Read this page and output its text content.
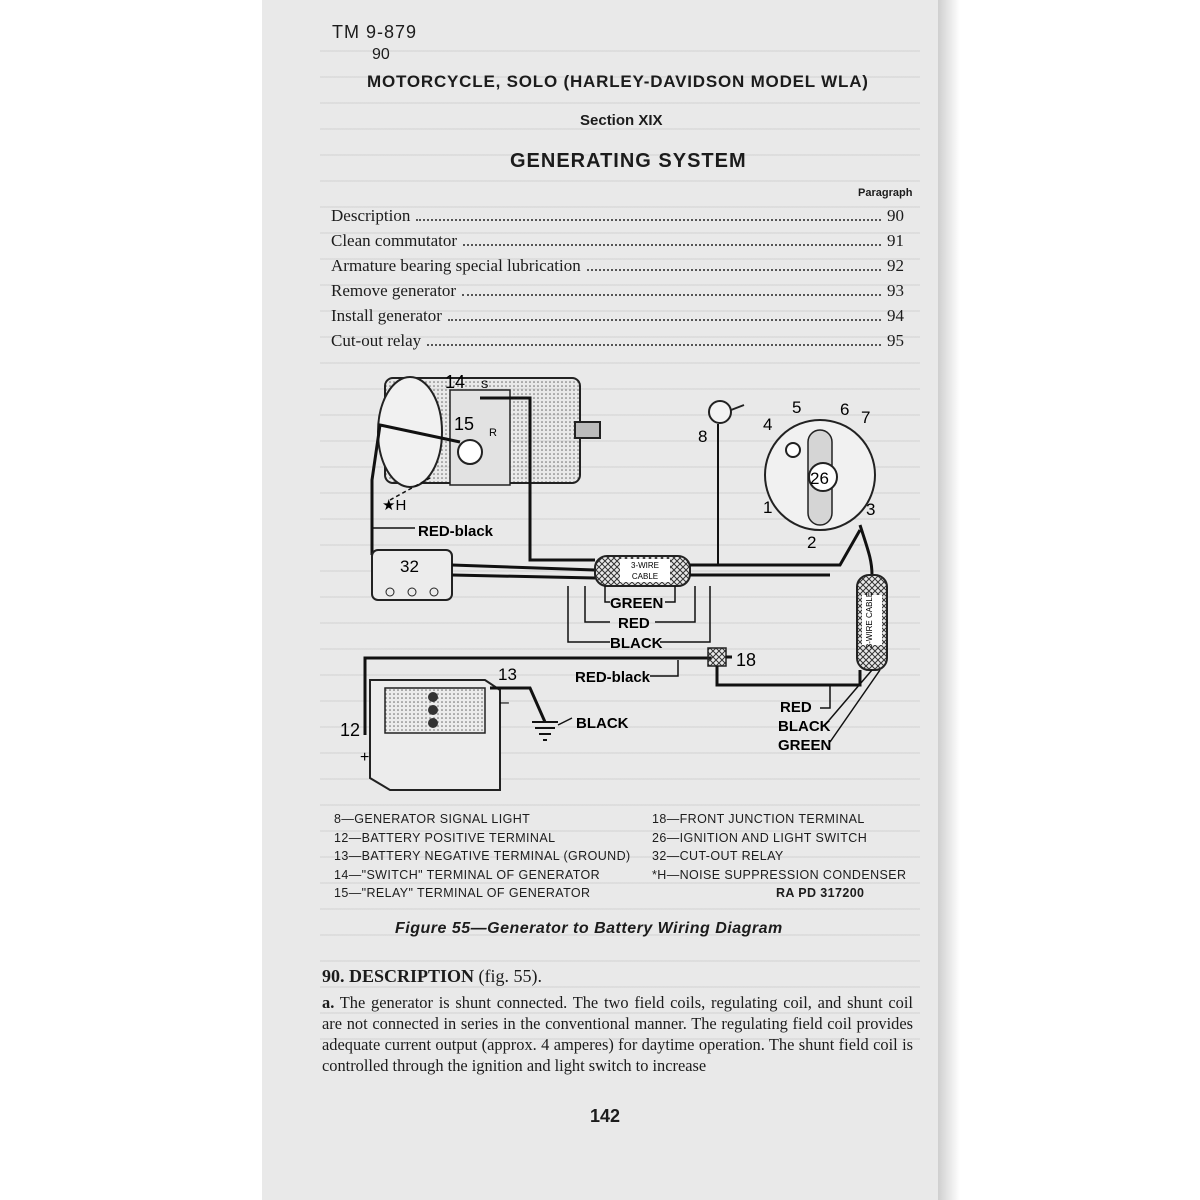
TM 9-879
90
MOTORCYCLE, SOLO (HARLEY-DAVIDSON MODEL WLA)
Section XIX
GENERATING SYSTEM
Paragraph
Description	90
Clean commutator	91
Armature bearing special lubrication	92
Remove generator	93
Install generator	94
Cut-out relay	95
14 S
15 R
★H
RED-black
32	3-WIRE
CABLE
8
26
4
5 6 7
1
2
3
3-WIRE CABLE
GREEN
RED
BLACK
18
RED-black
13
–
12
+
BLACK
RED
BLACK
GREEN
8—GENERATOR SIGNAL LIGHT
12—BATTERY POSITIVE TERMINAL
13—BATTERY NEGATIVE TERMINAL (GROUND)
14—"SWITCH" TERMINAL OF GENERATOR
15—"RELAY" TERMINAL OF GENERATOR
18—FRONT JUNCTION TERMINAL
26—IGNITION AND LIGHT SWITCH
32—CUT-OUT RELAY
*H—NOISE SUPPRESSION CONDENSER
RA PD 317200
Figure 55—Generator to Battery Wiring Diagram
90. DESCRIPTION (fig. 55).
a. The generator is shunt connected. The two field coils, regulating coil, and shunt coil are not connected in series in the conventional manner. The regulating field coil provides adequate current output (approx. 4 amperes) for daytime operation. The shunt field coil is controlled through the ignition and light switch to increase
142
